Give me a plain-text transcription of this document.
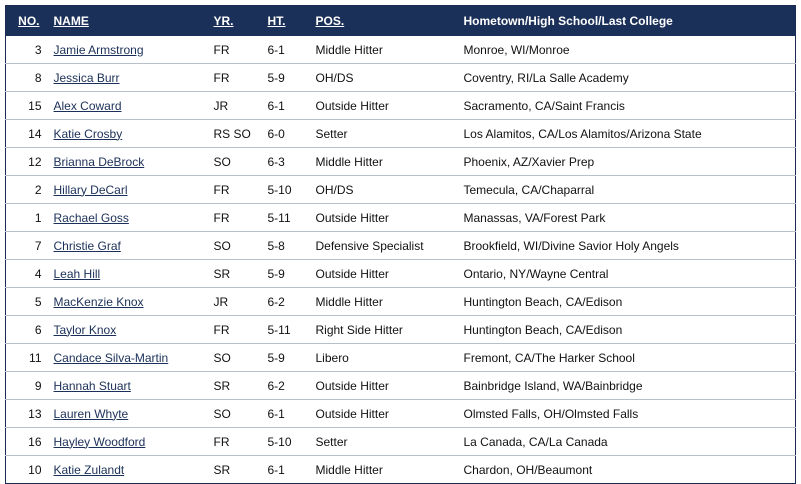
NO.	NAME	YR.	HT.	POS.	Hometown/High School/Last College
3	Jamie Armstrong	FR	6-1	Middle Hitter	Monroe, WI/Monroe
8	Jessica Burr	FR	5-9	OH/DS	Coventry, RI/La Salle Academy
15	Alex Coward	JR	6-1	Outside Hitter	Sacramento, CA/Saint Francis
14	Katie Crosby	RS SO	6-0	Setter	Los Alamitos, CA/Los Alamitos/Arizona State
12	Brianna DeBrock	SO	6-3	Middle Hitter	Phoenix, AZ/Xavier Prep
2	Hillary DeCarl	FR	5-10	OH/DS	Temecula, CA/Chaparral
1	Rachael Goss	FR	5-11	Outside Hitter	Manassas, VA/Forest Park
7	Christie Graf	SO	5-8	Defensive Specialist	Brookfield, WI/Divine Savior Holy Angels
4	Leah Hill	SR	5-9	Outside Hitter	Ontario, NY/Wayne Central
5	MacKenzie Knox	JR	6-2	Middle Hitter	Huntington Beach, CA/Edison
6	Taylor Knox	FR	5-11	Right Side Hitter	Huntington Beach, CA/Edison
11	Candace Silva-Martin	SO	5-9	Libero	Fremont, CA/The Harker School
9	Hannah Stuart	SR	6-2	Outside Hitter	Bainbridge Island, WA/Bainbridge
13	Lauren Whyte	SO	6-1	Outside Hitter	Olmsted Falls, OH/Olmsted Falls
16	Hayley Woodford	FR	5-10	Setter	La Canada, CA/La Canada
10	Katie Zulandt	SR	6-1	Middle Hitter	Chardon, OH/Beaumont
